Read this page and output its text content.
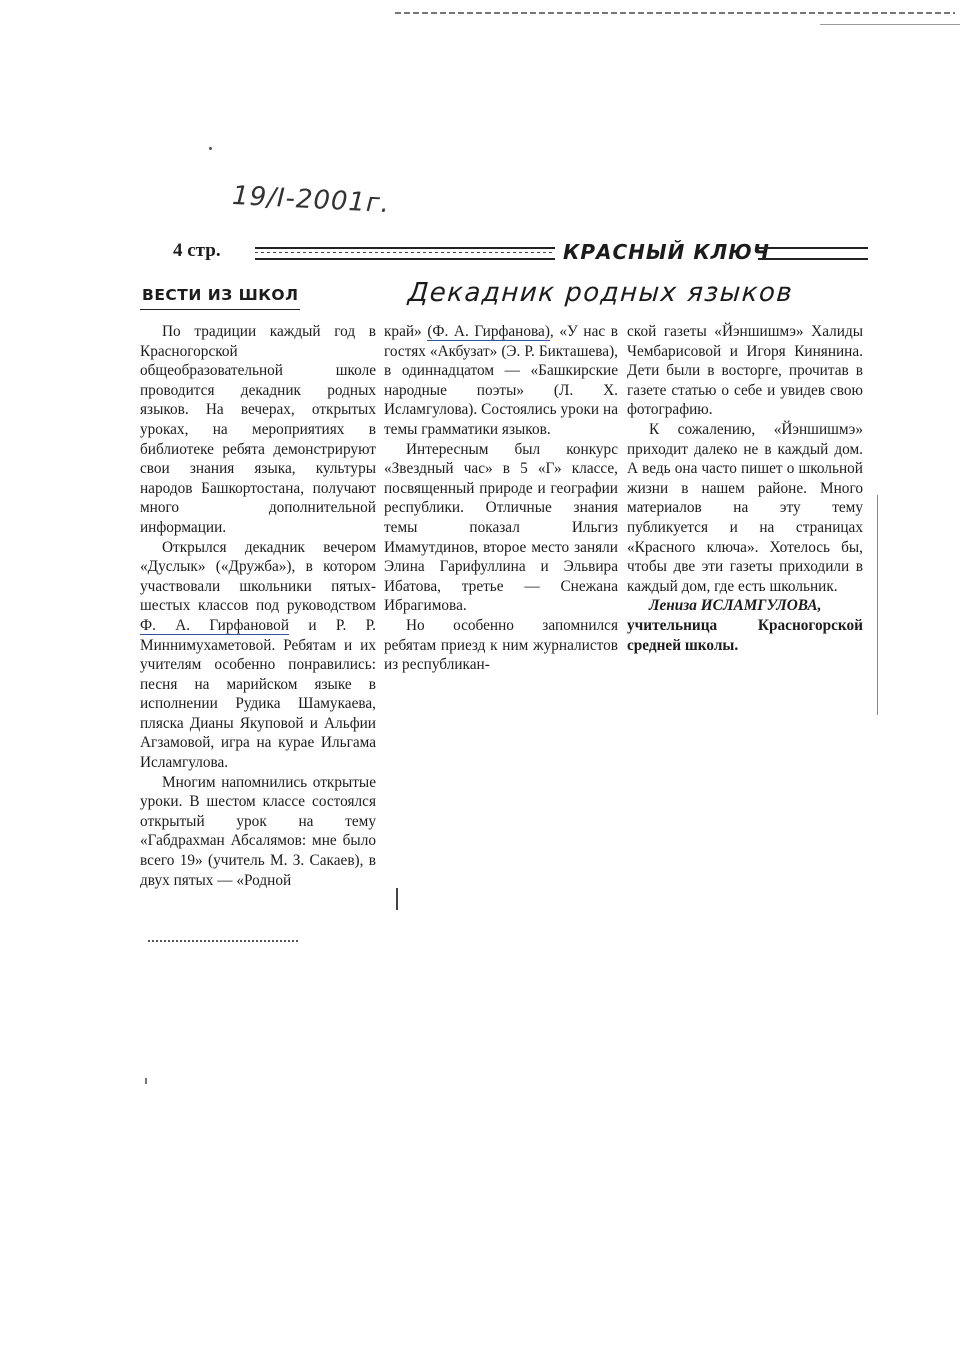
19/I-2001г.
4 стр.	КРАСНЫЙ КЛЮЧ
ВЕСТИ ИЗ ШКОЛ	Декадник родных языков

По традиции каждый год в Красногорской общеобразовательной школе проводится декадник родных языков. На вечерах, открытых уроках, на мероприятиях в библиотеке ребята демонстрируют свои знания языка, культуры народов Башкортостана, получают много дополнительной информации.

Открылся декадник вечером «Дуслык» («Дружба»), в котором участвовали школьники пятых-шестых классов под руководством Ф. А. Гирфановой и Р. Р. Миннимухаметовой. Ребятам и их учителям особенно понравились: песня на марийском языке в исполнении Рудика Шамукаева, пляска Дианы Якуповой и Альфии Агзамовой, игра на курае Ильгама Исламгулова.

Многим напомнились открытые уроки. В шестом классе состоялся открытый урок на тему «Габдрахман Абсалямов: мне было всего 19» (учитель М. З. Сакаев), в двух пятых — «Родной

край» (Ф. А. Гирфанова), «У нас в гостях «Акбузат» (Э. Р. Бикташева), в одиннадцатом — «Башкирские народные поэты» (Л. Х. Исламгулова). Состоялись уроки на темы грамматики языков.

Интересным был конкурс «Звездный час» в 5 «Г» классе, посвященный природе и географии республики. Отличные знания темы показал Ильгиз Имамутдинов, второе место заняли Элина Гарифуллина и Эльвира Ибатова, третье — Снежана Ибрагимова.

Но особенно запомнился ребятам приезд к ним журналистов из республикан-

ской газеты «Йэншишмэ» Халиды Чембарисовой и Игоря Кинянина. Дети были в восторге, прочитав в газете статью о себе и увидев свою фотографию.

К сожалению, «Йэншишмэ» приходит далеко не в каждый дом. А ведь она часто пишет о школьной жизни в нашем районе. Много материалов на эту тему публикуется и на страницах «Красного ключа». Хотелось бы, чтобы две эти газеты приходили в каждый дом, где есть школьник.

Лениза ИСЛАМГУЛОВА,
учительница Красногорской средней школы.
